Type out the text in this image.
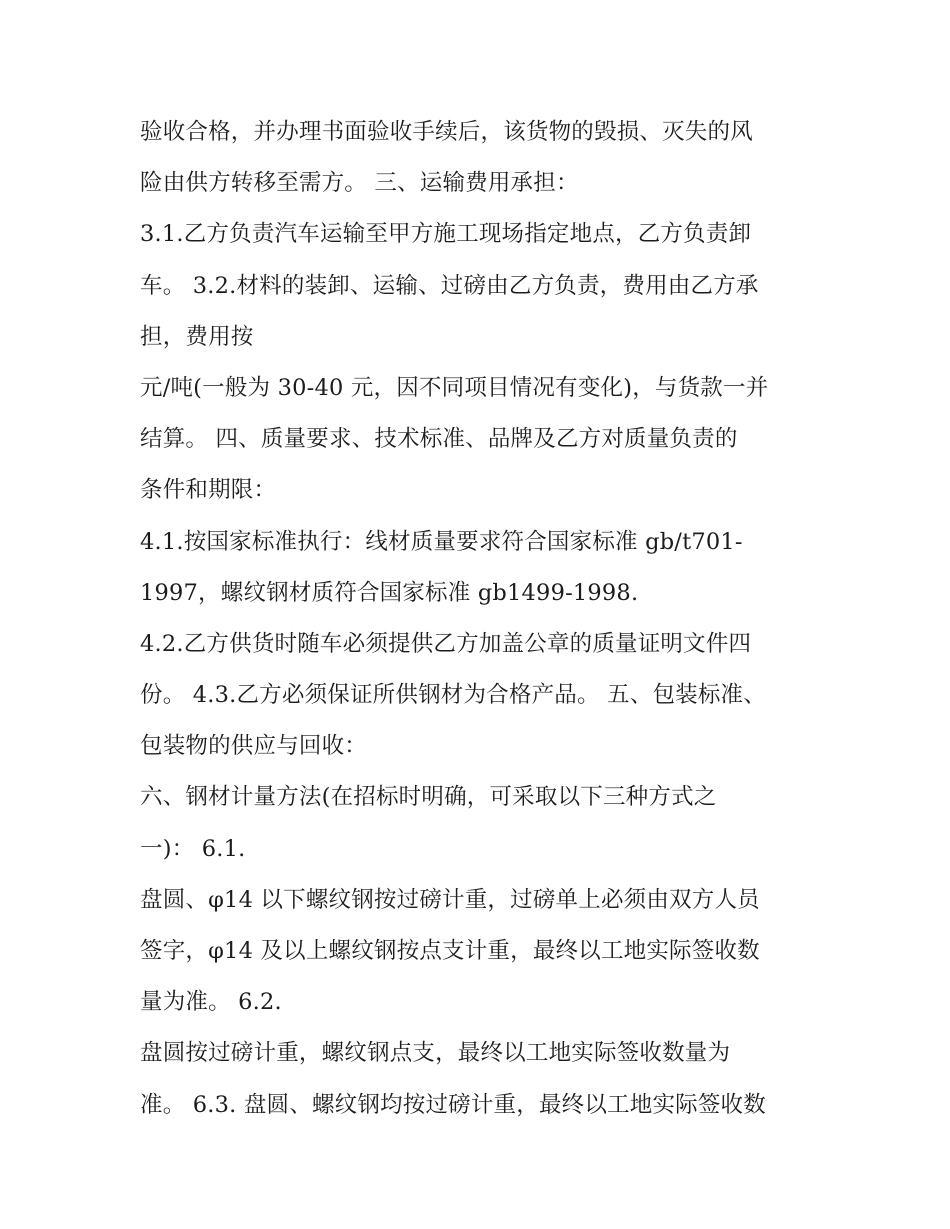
验收合格，并办理书面验收手续后，该货物的毁损、灭失的风
险由供方转移至需方。 三、运输费用承担：
3.1.乙方负责汽车运输至甲方施工现场指定地点，乙方负责卸
车。 3.2.材料的装卸、运输、过磅由乙方负责，费用由乙方承
担，费用按
元/吨(一般为 30-40 元，因不同项目情况有变化)，与货款一并
结算。 四、质量要求、技术标准、品牌及乙方对质量负责的
条件和期限：
4.1.按国家标准执行：线材质量要求符合国家标准 gb/t701-
1997，螺纹钢材质符合国家标准 gb1499-1998.
4.2.乙方供货时随车必须提供乙方加盖公章的质量证明文件四
份。 4.3.乙方必须保证所供钢材为合格产品。 五、包装标准、
包装物的供应与回收：
六、钢材计量方法(在招标时明确，可采取以下三种方式之
一)： 6.1.
盘圆、φ14 以下螺纹钢按过磅计重，过磅单上必须由双方人员
签字，φ14 及以上螺纹钢按点支计重，最终以工地实际签收数
量为准。 6.2.
盘圆按过磅计重，螺纹钢点支，最终以工地实际签收数量为
准。 6.3. 盘圆、螺纹钢均按过磅计重，最终以工地实际签收数
